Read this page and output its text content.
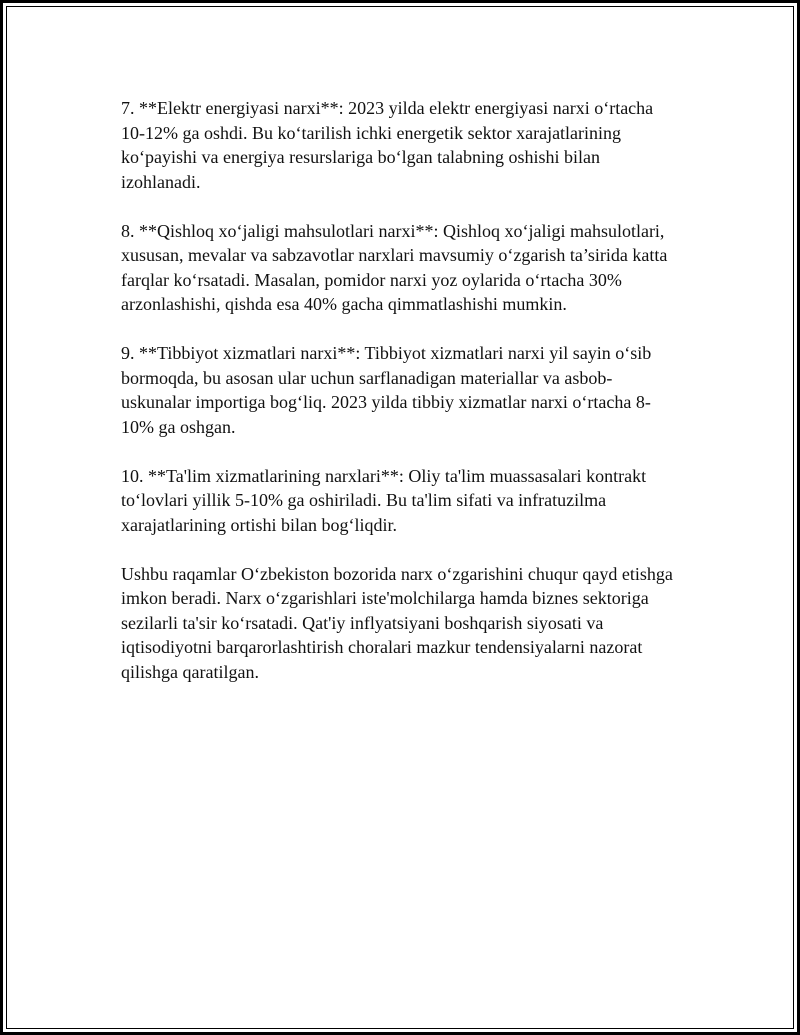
7. **Elektr energiyasi narxi**: 2023 yilda elektr energiyasi narxi o‘rtacha
10-12% ga oshdi. Bu ko‘tarilish ichki energetik sektor xarajatlarining
ko‘payishi va energiya resurslariga bo‘lgan talabning oshishi bilan
izohlanadi.
8. **Qishloq xo‘jaligi mahsulotlari narxi**: Qishloq xo‘jaligi mahsulotlari,
xususan, mevalar va sabzavotlar narxlari mavsumiy o‘zgarish ta’sirida katta
farqlar ko‘rsatadi. Masalan, pomidor narxi yoz oylarida o‘rtacha 30%
arzonlashishi, qishda esa 40% gacha qimmatlashishi mumkin.
9. **Tibbiyot xizmatlari narxi**: Tibbiyot xizmatlari narxi yil sayin o‘sib
bormoqda, bu asosan ular uchun sarflanadigan materiallar va asbob-
uskunalar importiga bog‘liq. 2023 yilda tibbiy xizmatlar narxi o‘rtacha 8-
10% ga oshgan.
10. **Ta'lim xizmatlarining narxlari**: Oliy ta'lim muassasalari kontrakt
to‘lovlari yillik 5-10% ga oshiriladi. Bu ta'lim sifati va infratuzilma
xarajatlarining ortishi bilan bog‘liqdir.
Ushbu raqamlar O‘zbekiston bozorida narx o‘zgarishini chuqur qayd etishga
imkon beradi. Narx o‘zgarishlari iste'molchilarga hamda biznes sektoriga
sezilarli ta'sir ko‘rsatadi. Qat'iy inflyatsiyani boshqarish siyosati va
iqtisodiyotni barqarorlashtirish choralari mazkur tendensiyalarni nazorat
qilishga qaratilgan.
